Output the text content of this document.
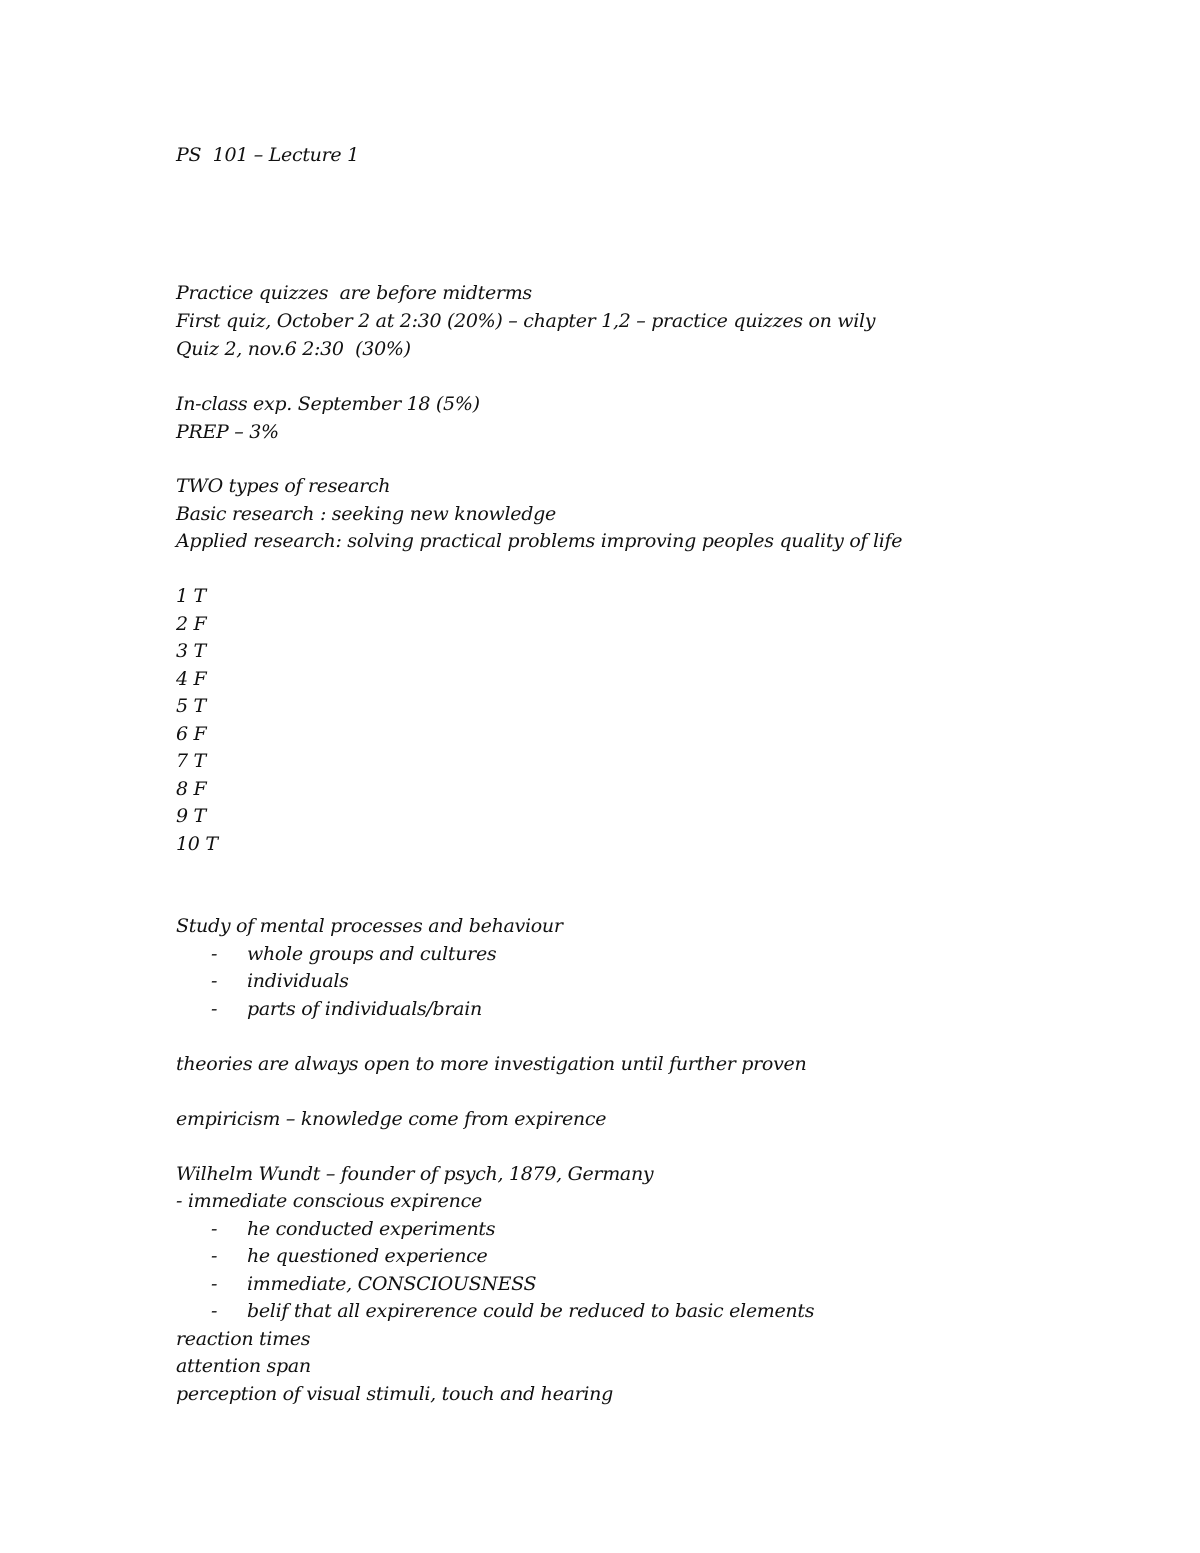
PS  101 – Lecture 1
Practice quizzes  are before midterms
First quiz, October 2 at 2:30 (20%) – chapter 1,2 – practice quizzes on wily
Quiz 2, nov.6 2:30  (30%)
In-class exp. September 18 (5%)
PREP – 3%
TWO types of research
Basic research : seeking new knowledge
Applied research: solving practical problems improving peoples quality of life
1 T
2 F
3 T
4 F
5 T
6 F
7 T
8 F
9 T
10 T
Study of mental processes and behaviour
- whole groups and cultures
- individuals
- parts of individuals/brain
theories are always open to more investigation until further proven
empiricism – knowledge come from expirence
Wilhelm Wundt – founder of psych, 1879, Germany
- immediate conscious expirence
- he conducted experiments
- he questioned experience
- immediate, CONSCIOUSNESS
- belif that all expirerence could be reduced to basic elements
reaction times
attention span
perception of visual stimuli, touch and hearing
